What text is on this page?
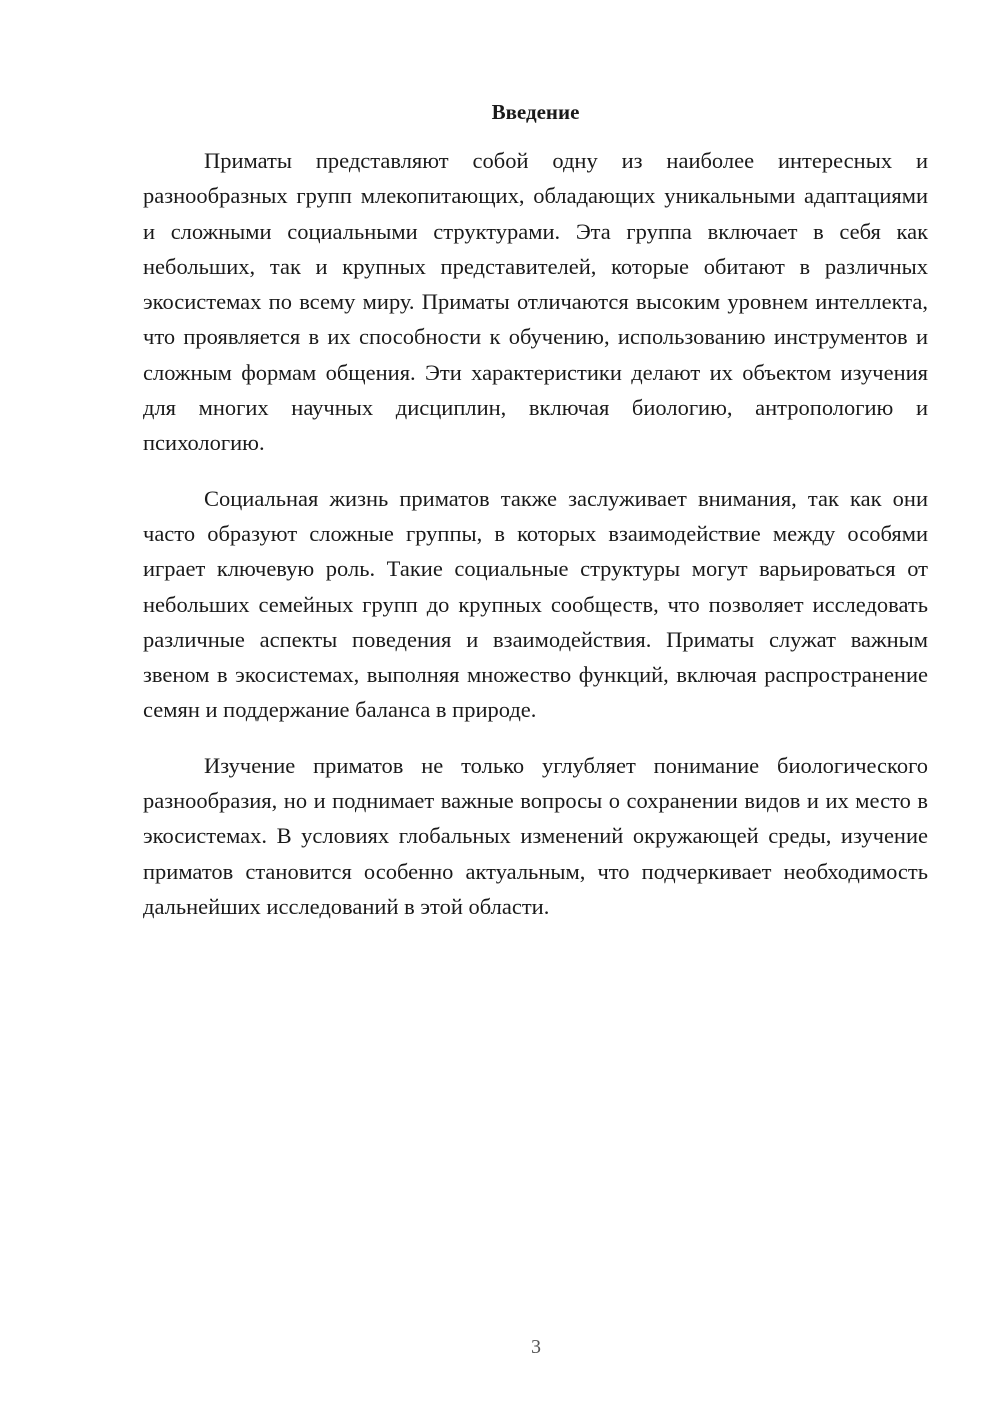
Введение

Приматы представляют собой одну из наиболее интересных и разнообразных групп млекопитающих, обладающих уникальными адаптациями и сложными социальными структурами. Эта группа включает в себя как небольших, так и крупных представителей, которые обитают в различных экосистемах по всему миру. Приматы отличаются высоким уровнем интеллекта, что проявляется в их способности к обучению, использованию инструментов и сложным формам общения. Эти характеристики делают их объектом изучения для многих научных дисциплин, включая биологию, антропологию и психологию.

Социальная жизнь приматов также заслуживает внимания, так как они часто образуют сложные группы, в которых взаимодействие между особями играет ключевую роль. Такие социальные структуры могут варьироваться от небольших семейных групп до крупных сообществ, что позволяет исследовать различные аспекты поведения и взаимодействия. Приматы служат важным звеном в экосистемах, выполняя множество функций, включая распространение семян и поддержание баланса в природе.

Изучение приматов не только углубляет понимание биологического разнообразия, но и поднимает важные вопросы о сохранении видов и их место в экосистемах. В условиях глобальных изменений окружающей среды, изучение приматов становится особенно актуальным, что подчеркивает необходимость дальнейших исследований в этой области.

3
